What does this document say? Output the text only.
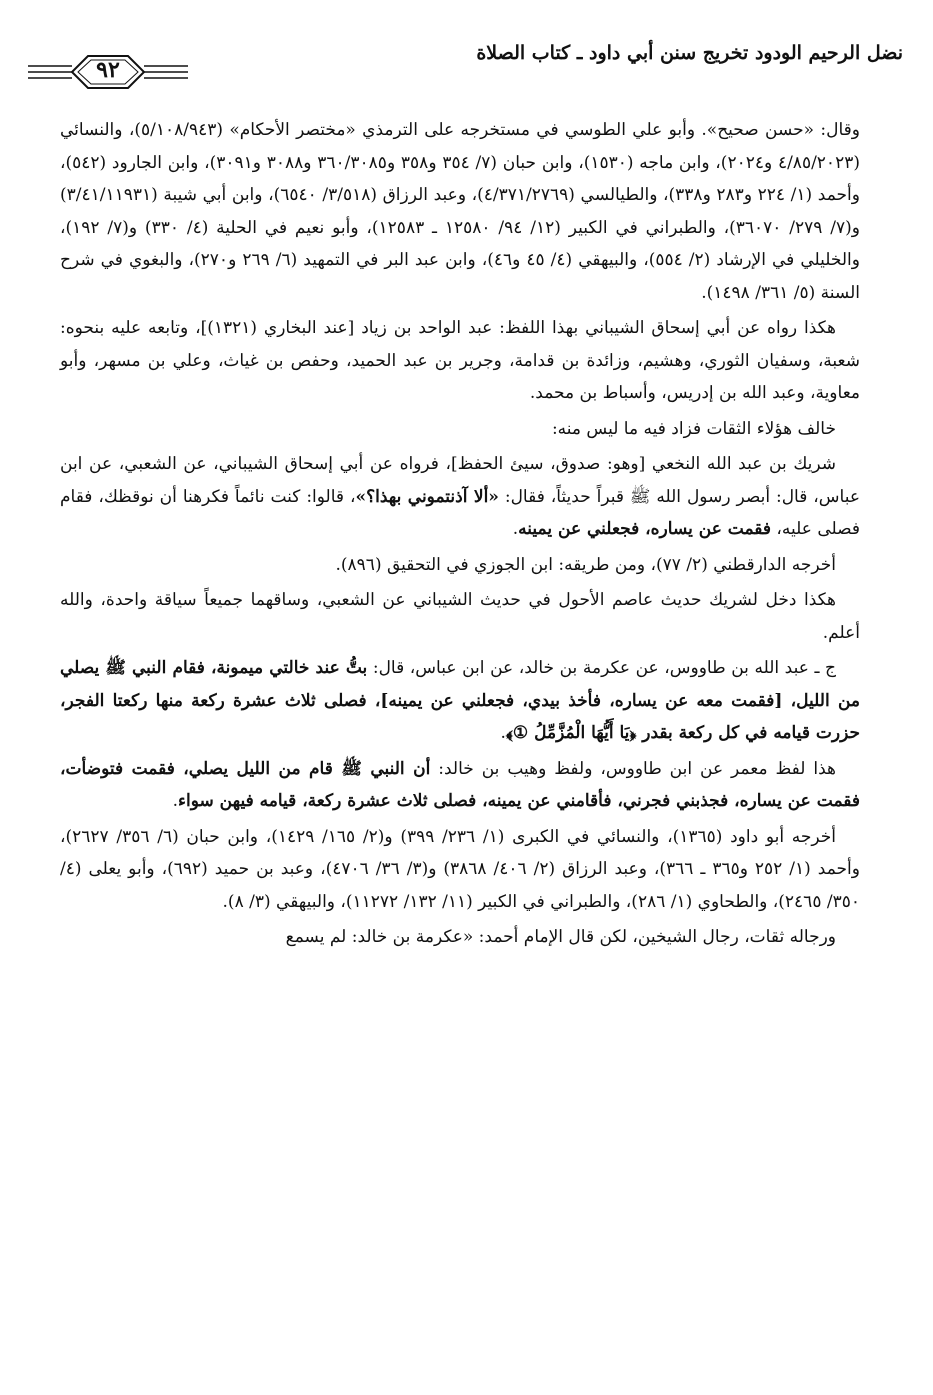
نضل الرحيم الودود تخريج سنن أبي داود ـ كتاب الصلاة
٩٢

وقال: «حسن صحيح». وأبو علي الطوسي في مستخرجه على الترمذي «مختصر الأحكام» (٥/١٠٨/٩٤٣)، والنسائي (٤/٨٥/٢٠٢٣ و٢٠٢٤)، وابن ماجه (١٥٣٠)، وابن حبان (٧/ ٣٥٤ و٣٥٨ و٣٦٠/٣٠٨٥ و٣٠٨٨ و٣٠٩١)، وابن الجارود (٥٤٢)، وأحمد (١/ ٢٢٤ و٢٨٣ و٣٣٨)، والطيالسي (٤/٣٧١/٢٧٦٩)، وعبد الرزاق (٣/٥١٨/ ٦٥٤٠)، وابن أبي شيبة (٣/٤١/١١٩٣١) و(٧/ ٢٧٩/ ٣٦٠٧٠)، والطبراني في الكبير (١٢/ ٩٤/ ١٢٥٨٠ ـ ١٢٥٨٣)، وأبو نعيم في الحلية (٤/ ٣٣٠) و(٧/ ١٩٢)، والخليلي في الإرشاد (٢/ ٥٥٤)، والبيهقي (٤/ ٤٥ و٤٦)، وابن عبد البر في التمهيد (٦/ ٢٦٩ و٢٧٠)، والبغوي في شرح السنة (٥/ ٣٦١/ ١٤٩٨).

هكذا رواه عن أبي إسحاق الشيباني بهذا اللفظ: عبد الواحد بن زياد [عند البخاري (١٣٢١)]، وتابعه عليه بنحوه: شعبة، وسفيان الثوري، وهشيم، وزائدة بن قدامة، وجرير بن عبد الحميد، وحفص بن غياث، وعلي بن مسهر، وأبو معاوية، وعبد الله بن إدريس، وأسباط بن محمد.

خالف هؤلاء الثقات فزاد فيه ما ليس منه:

شريك بن عبد الله النخعي [وهو: صدوق، سيئ الحفظ]، فرواه عن أبي إسحاق الشيباني، عن الشعبي، عن ابن عباس، قال: أبصر رسول الله ﷺ قبراً حديثاً، فقال: «ألا آذنتموني بهذا؟»، قالوا: كنت نائماً فكرهنا أن نوقظك، فقام فصلى عليه، فقمت عن يساره، فجعلني عن يمينه.

أخرجه الدارقطني (٢/ ٧٧)، ومن طريقه: ابن الجوزي في التحقيق (٨٩٦).

هكذا دخل لشريك حديث عاصم الأحول في حديث الشيباني عن الشعبي، وساقهما جميعاً سياقة واحدة، والله أعلم.

ج ـ عبد الله بن طاووس، عن عكرمة بن خالد، عن ابن عباس، قال: بتُّ عند خالتي ميمونة، فقام النبي ﷺ يصلي من الليل، [فقمت معه عن يساره، فأخذ بيدي، فجعلني عن يمينه]، فصلى ثلاث عشرة ركعة منها ركعتا الفجر، حزرت قيامه في كل ركعة بقدر ﴿يَا أَيُّهَا الْمُزَّمِّلُ ①﴾.

هذا لفظ معمر عن ابن طاووس، ولفظ وهيب بن خالد: أن النبي ﷺ قام من الليل يصلي، فقمت فتوضأت، فقمت عن يساره، فجذبني فجرني، فأقامني عن يمينه، فصلى ثلاث عشرة ركعة، قيامه فيهن سواء.

أخرجه أبو داود (١٣٦٥)، والنسائي في الكبرى (١/ ٢٣٦/ ٣٩٩) و(٢/ ١٦٥/ ١٤٢٩)، وابن حبان (٦/ ٣٥٦/ ٢٦٢٧)، وأحمد (١/ ٢٥٢ و٣٦٥ ـ ٣٦٦)، وعبد الرزاق (٢/ ٤٠٦/ ٣٨٦٨) و(٣/ ٣٦/ ٤٧٠٦)، وعبد بن حميد (٦٩٢)، وأبو يعلى (٤/ ٣٥٠/ ٢٤٦٥)، والطحاوي (١/ ٢٨٦)، والطبراني في الكبير (١١/ ١٣٢/ ١١٢٧٢)، والبيهقي (٣/ ٨).

ورجاله ثقات، رجال الشيخين، لكن قال الإمام أحمد: «عكرمة بن خالد: لم يسمع
